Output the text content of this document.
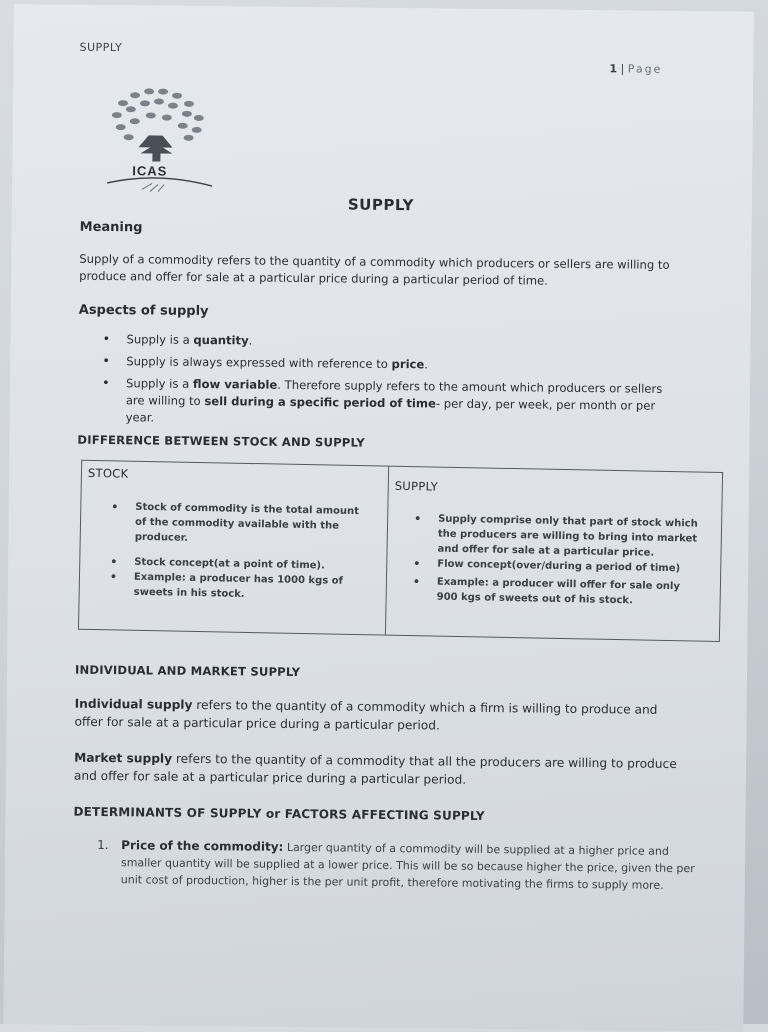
SUPPLY
1 | Page
ICAS
SUPPLY
Meaning
Supply of a commodity refers to the quantity of a commodity which producers or sellers are willing to produce and offer for sale at a particular price during a particular period of time.
Aspects of supply
• Supply is a quantity.
• Supply is always expressed with reference to price.
• Supply is a flow variable. Therefore supply refers to the amount which producers or sellers are willing to sell during a specific period of time- per day, per week, per month or per year.
DIFFERENCE BETWEEN STOCK AND SUPPLY
STOCK
• Stock of commodity is the total amount of the commodity available with the producer.
• Stock concept(at a point of time).
• Example: a producer has 1000 kgs of sweets in his stock.
SUPPLY
• Supply comprise only that part of stock which the producers are willing to bring into market and offer for sale at a particular price.
• Flow concept(over/during a period of time)
• Example: a producer will offer for sale only 900 kgs of sweets out of his stock.
INDIVIDUAL AND MARKET SUPPLY
Individual supply refers to the quantity of a commodity which a firm is willing to produce and offer for sale at a particular price during a particular period.
Market supply refers to the quantity of a commodity that all the producers are willing to produce and offer for sale at a particular price during a particular period.
DETERMINANTS OF SUPPLY or FACTORS AFFECTING SUPPLY
1. Price of the commodity: Larger quantity of a commodity will be supplied at a higher price and smaller quantity will be supplied at a lower price. This will be so because higher the price, given the per unit cost of production, higher is the per unit profit, therefore motivating the firms to supply more.
